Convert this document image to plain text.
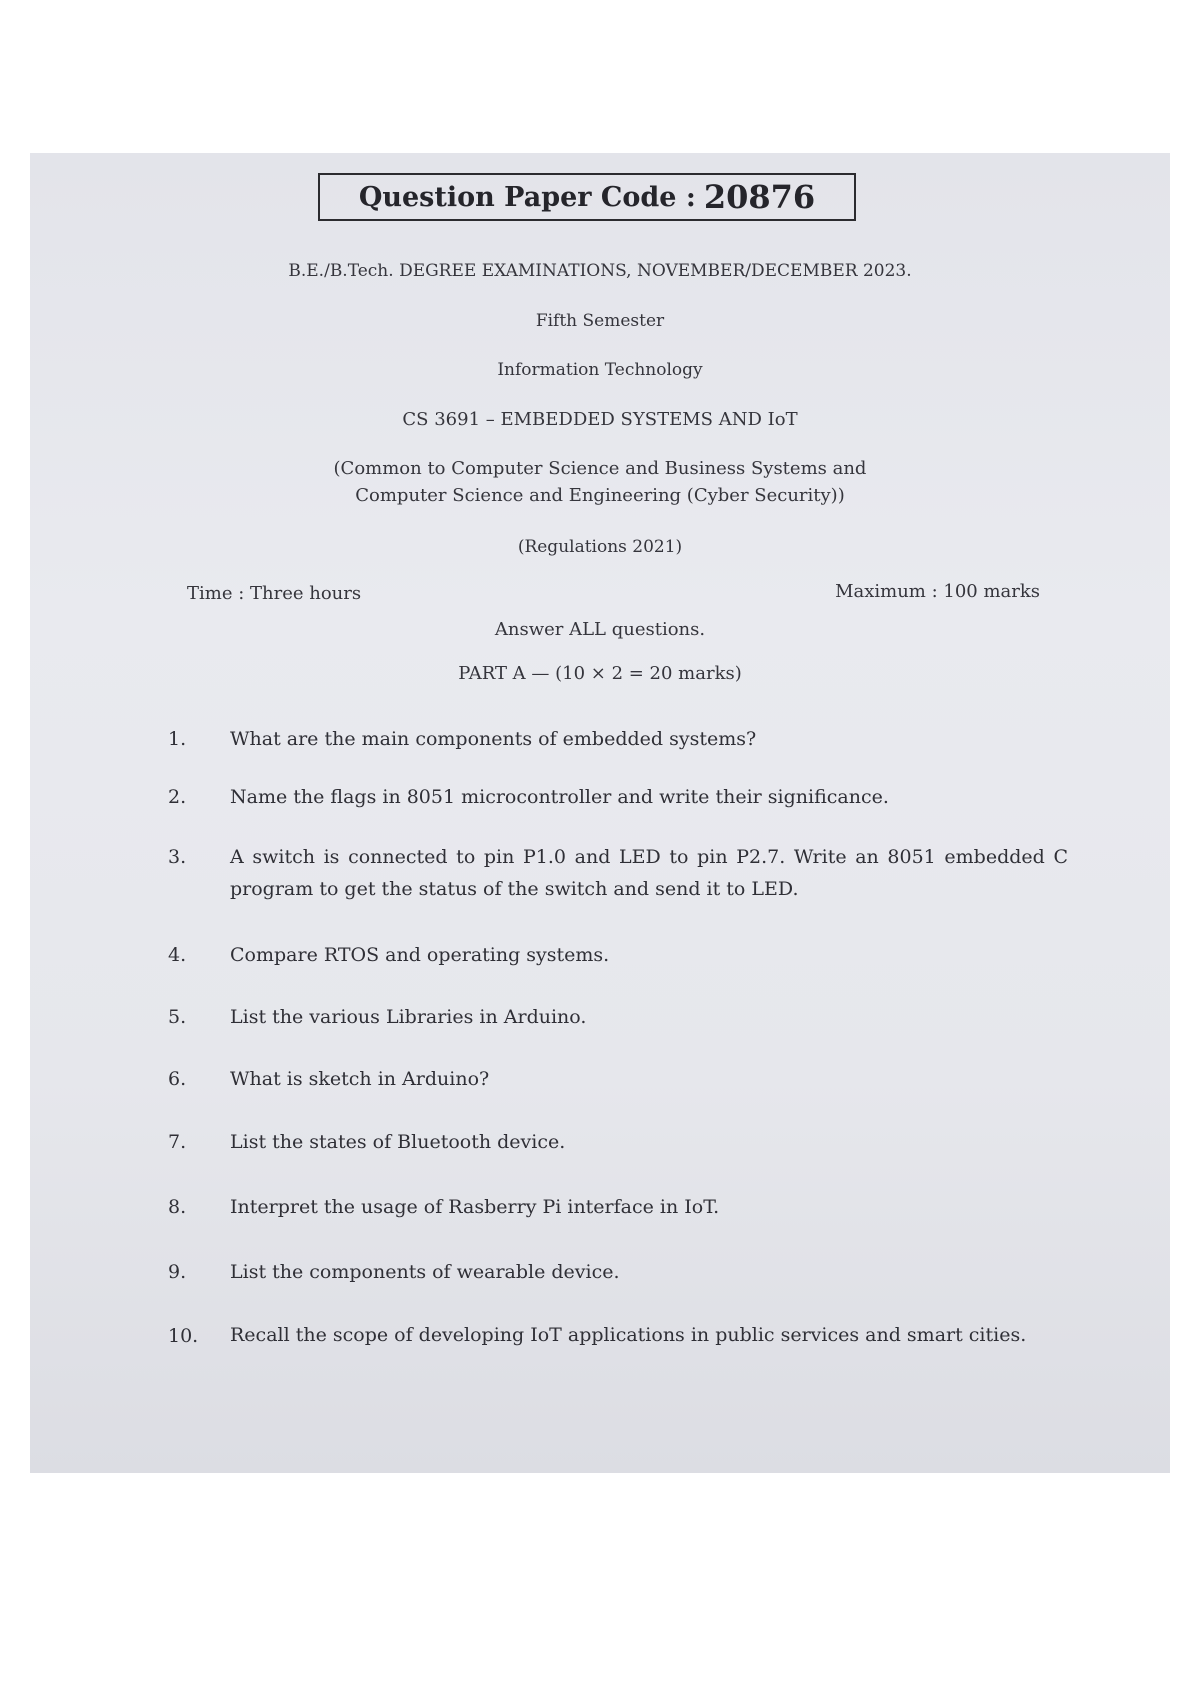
Question Paper Code : 20876
B.E./B.Tech. DEGREE EXAMINATIONS, NOVEMBER/DECEMBER 2023.
Fifth Semester
Information Technology
CS 3691 – EMBEDDED SYSTEMS AND IoT
(Common to Computer Science and Business Systems and
Computer Science and Engineering (Cyber Security))
(Regulations 2021)
Time : Three hours	Maximum : 100 marks
Answer ALL questions.
PART A — (10 × 2 = 20 marks)
1.	What are the main components of embedded systems?
2.	Name the flags in 8051 microcontroller and write their significance.
3.	A switch is connected to pin P1.0 and LED to pin P2.7. Write an 8051 embedded C program to get the status of the switch and send it to LED.
4.	Compare RTOS and operating systems.
5.	List the various Libraries in Arduino.
6.	What is sketch in Arduino?
7.	List the states of Bluetooth device.
8.	Interpret the usage of Rasberry Pi interface in IoT.
9.	List the components of wearable device.
10.	Recall the scope of developing IoT applications in public services and smart cities.
